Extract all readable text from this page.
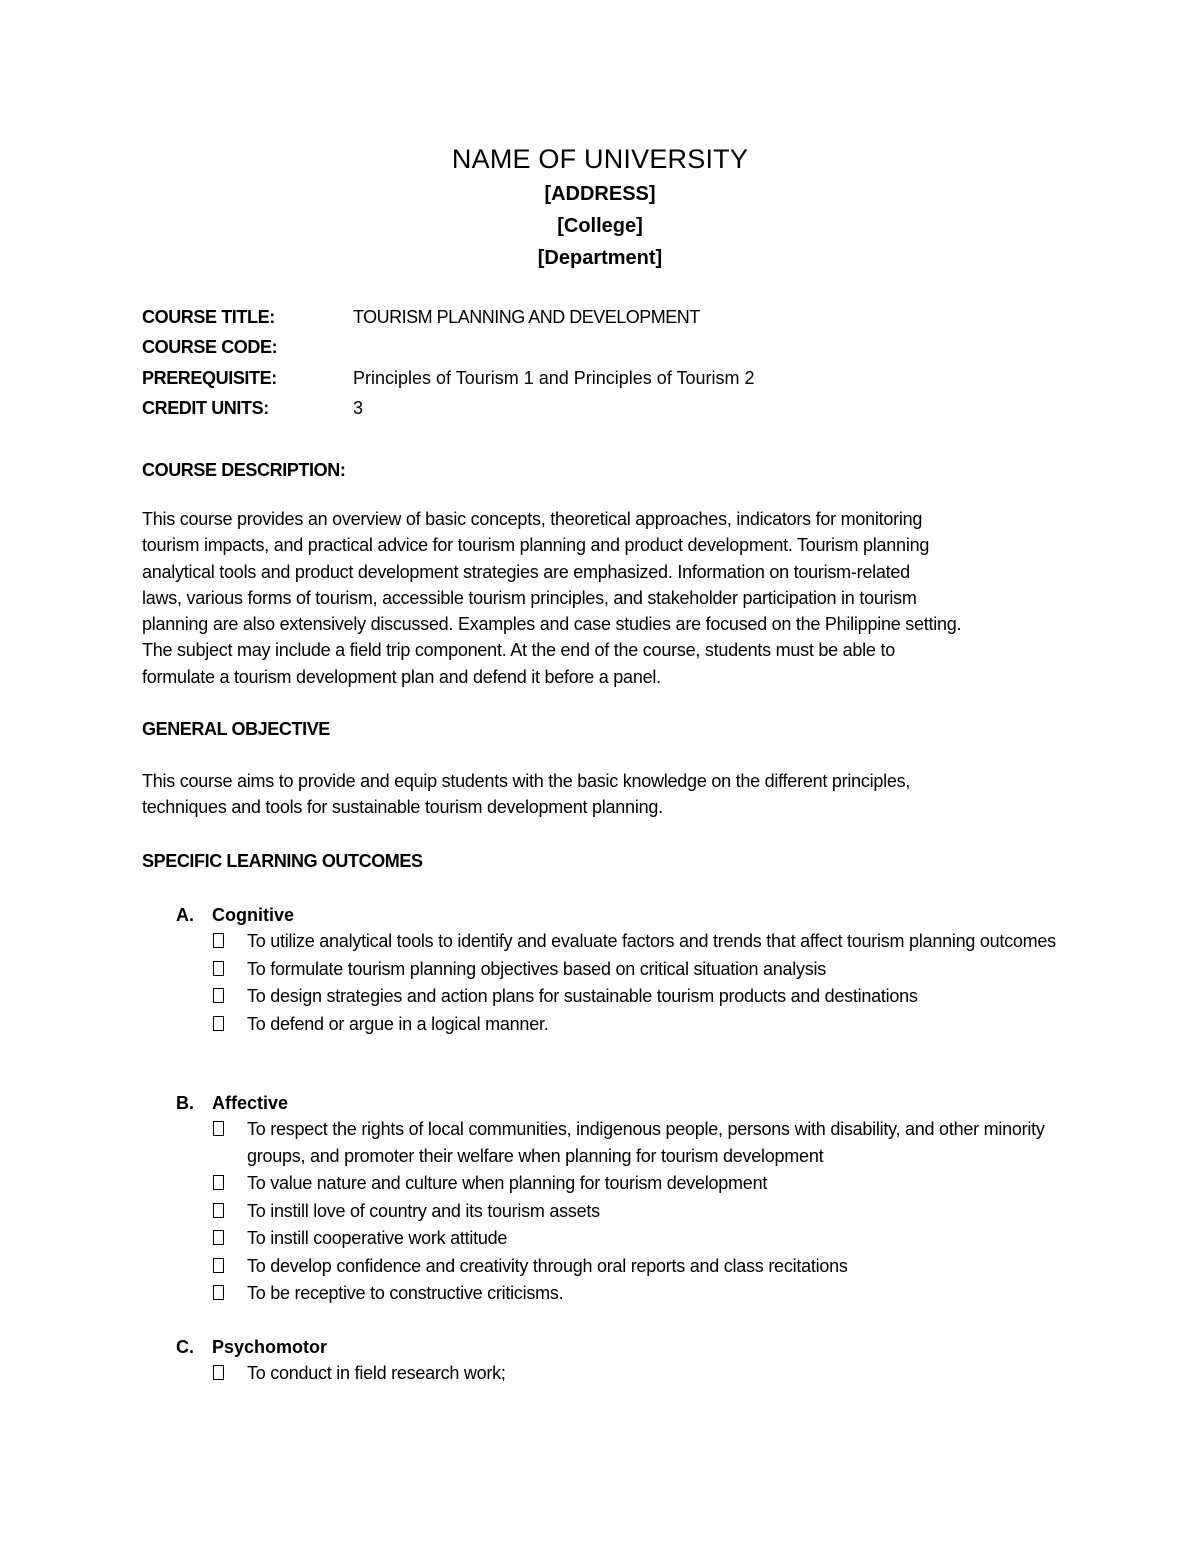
NAME OF UNIVERSITY
[ADDRESS]
[College]
[Department]
COURSE TITLE:	TOURISM PLANNING AND DEVELOPMENT
COURSE CODE:
PREREQUISITE:	Principles of Tourism 1 and Principles of Tourism 2
CREDIT UNITS:	3
COURSE DESCRIPTION:
This course provides an overview of basic concepts, theoretical approaches, indicators for monitoring
tourism impacts, and practical advice for tourism planning and product development. Tourism planning
analytical tools and product development strategies are emphasized. Information on tourism-related
laws, various forms of tourism, accessible tourism principles, and stakeholder participation in tourism
planning are also extensively discussed. Examples and case studies are focused on the Philippine setting.
The subject may include a field trip component. At the end of the course, students must be able to
formulate a tourism development plan and defend it before a panel.
GENERAL OBJECTIVE
This course aims to provide and equip students with the basic knowledge on the different principles,
techniques and tools for sustainable tourism development planning.
SPECIFIC LEARNING OUTCOMES
A.	Cognitive
To utilize analytical tools to identify and evaluate factors and trends that affect tourism planning outcomes
To formulate tourism planning objectives based on critical situation analysis
To design strategies and action plans for sustainable tourism products and destinations
To defend or argue in a logical manner.
B.	Affective
To respect the rights of local communities, indigenous people, persons with disability, and other minority groups, and promoter their welfare when planning for tourism development
To value nature and culture when planning for tourism development
To instill love of country and its tourism assets
To instill cooperative work attitude
To develop confidence and creativity through oral reports and class recitations
To be receptive to constructive criticisms.
C.	Psychomotor
To conduct in field research work;
